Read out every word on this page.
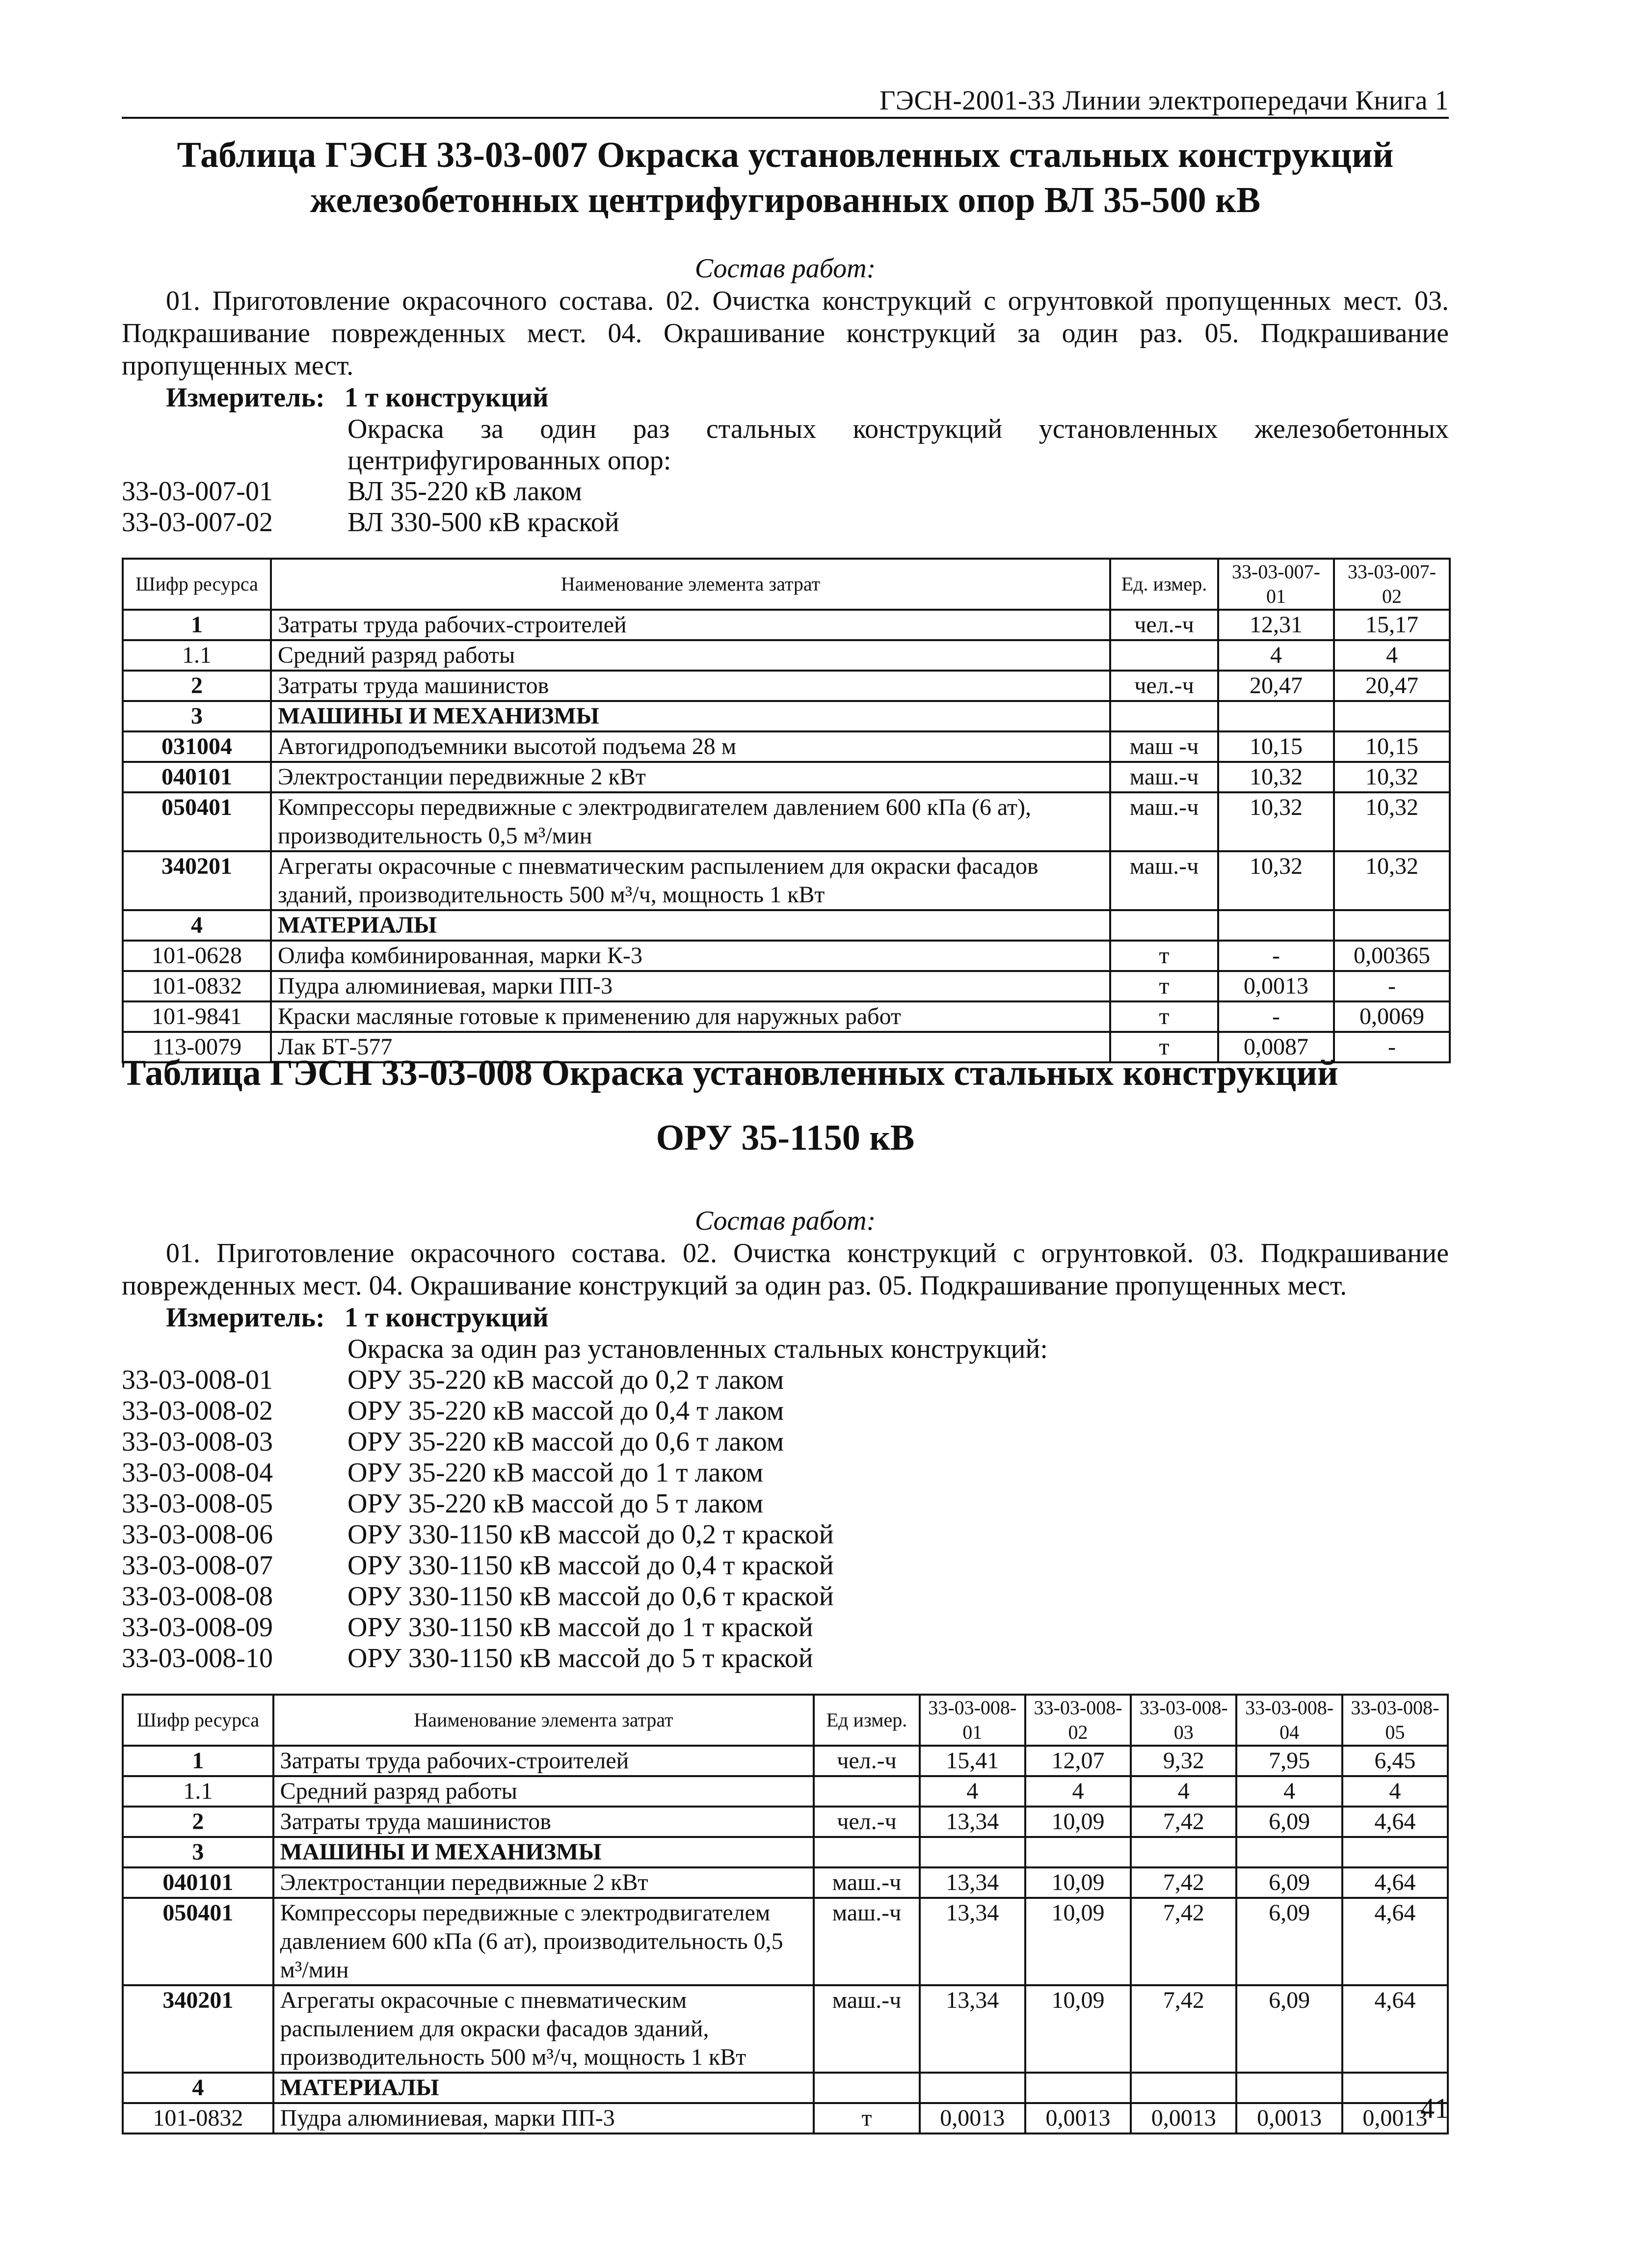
ГЭСН-2001-33 Линии электропередачи Книга 1
Таблица ГЭСН 33-03-007 Окраска установленных стальных конструкций железобетонных центрифугированных опор ВЛ 35-500 кВ

Состав работ:

01. Приготовление окрасочного состава. 02. Очистка конструкций с огрунтовкой пропущенных мест. 03. Подкрашивание поврежденных мест. 04. Окрашивание конструкций за один раз. 05. Подкрашивание пропущенных мест.

Измеритель: 1 т конструкций

Окраска за один раз стальных конструкций установленных железобетонных центрифугированных опор:

33-03-007-01	ВЛ 35-220 кВ лаком
33-03-007-02	ВЛ 330-500 кВ краской
Шифр ресурса	Наименование элемента затрат	Ед. измер.	33-03-007-01	33-03-007-02
1	Затраты труда рабочих-строителей	чел.-ч	12,31	15,17
1.1	Средний разряд работы		4	4
2	Затраты труда машинистов	чел.-ч	20,47	20,47
3	МАШИНЫ И МЕХАНИЗМЫ			
031004	Автогидроподъемники высотой подъема 28 м	маш -ч	10,15	10,15
040101	Электростанции передвижные 2 кВт	маш.-ч	10,32	10,32
050401	Компрессоры передвижные с электродвигателем давлением 600 кПа (6 ат), производительность 0,5 м³/мин	маш.-ч	10,32	10,32
340201	Агрегаты окрасочные с пневматическим распылением для окраски фасадов зданий, производительность 500 м³/ч, мощность 1 кВт	маш.-ч	10,32	10,32
4	МАТЕРИАЛЫ			
101-0628	Олифа комбинированная, марки К-3	т	-	0,00365
101-0832	Пудра алюминиевая, марки ПП-3	т	0,0013	-
101-9841	Краски масляные готовые к применению для наружных работ	т	-	0,0069
113-0079	Лак БТ-577	т	0,0087	-
Таблица ГЭСН 33-03-008 Окраска установленных стальных конструкций
ОРУ 35-1150 кВ

Состав работ:

01. Приготовление окрасочного состава. 02. Очистка конструкций с огрунтовкой. 03. Подкрашивание поврежденных мест. 04. Окрашивание конструкций за один раз. 05. Подкрашивание пропущенных мест.

Измеритель: 1 т конструкций

Окраска за один раз установленных стальных конструкций:

33-03-008-01	ОРУ 35-220 кВ массой до 0,2 т лаком
33-03-008-02	ОРУ 35-220 кВ массой до 0,4 т лаком
33-03-008-03	ОРУ 35-220 кВ массой до 0,6 т лаком
33-03-008-04	ОРУ 35-220 кВ массой до 1 т лаком
33-03-008-05	ОРУ 35-220 кВ массой до 5 т лаком
33-03-008-06	ОРУ 330-1150 кВ массой до 0,2 т краской
33-03-008-07	ОРУ 330-1150 кВ массой до 0,4 т краской
33-03-008-08	ОРУ 330-1150 кВ массой до 0,6 т краской
33-03-008-09	ОРУ 330-1150 кВ массой до 1 т краской
33-03-008-10	ОРУ 330-1150 кВ массой до 5 т краской
Шифр ресурса	Наименование элемента затрат	Ед измер.	33-03-008-01	33-03-008-02	33-03-008-03	33-03-008-04	33-03-008-05
1	Затраты труда рабочих-строителей	чел.-ч	15,41	12,07	9,32	7,95	6,45
1.1	Средний разряд работы		4	4	4	4	4
2	Затраты труда машинистов	чел.-ч	13,34	10,09	7,42	6,09	4,64
3	МАШИНЫ И МЕХАНИЗМЫ						
040101	Электростанции передвижные 2 кВт	маш.-ч	13,34	10,09	7,42	6,09	4,64
050401	Компрессоры передвижные с электродвигателем давлением 600 кПа (6 ат), производительность 0,5 м³/мин	маш.-ч	13,34	10,09	7,42	6,09	4,64
340201	Агрегаты окрасочные с пневматическим распылением для окраски фасадов зданий, производительность 500 м³/ч, мощность 1 кВт	маш.-ч	13,34	10,09	7,42	6,09	4,64
4	МАТЕРИАЛЫ						
101-0832	Пудра алюминиевая, марки ПП-3	т	0,0013	0,0013	0,0013	0,0013	0,0013
41
